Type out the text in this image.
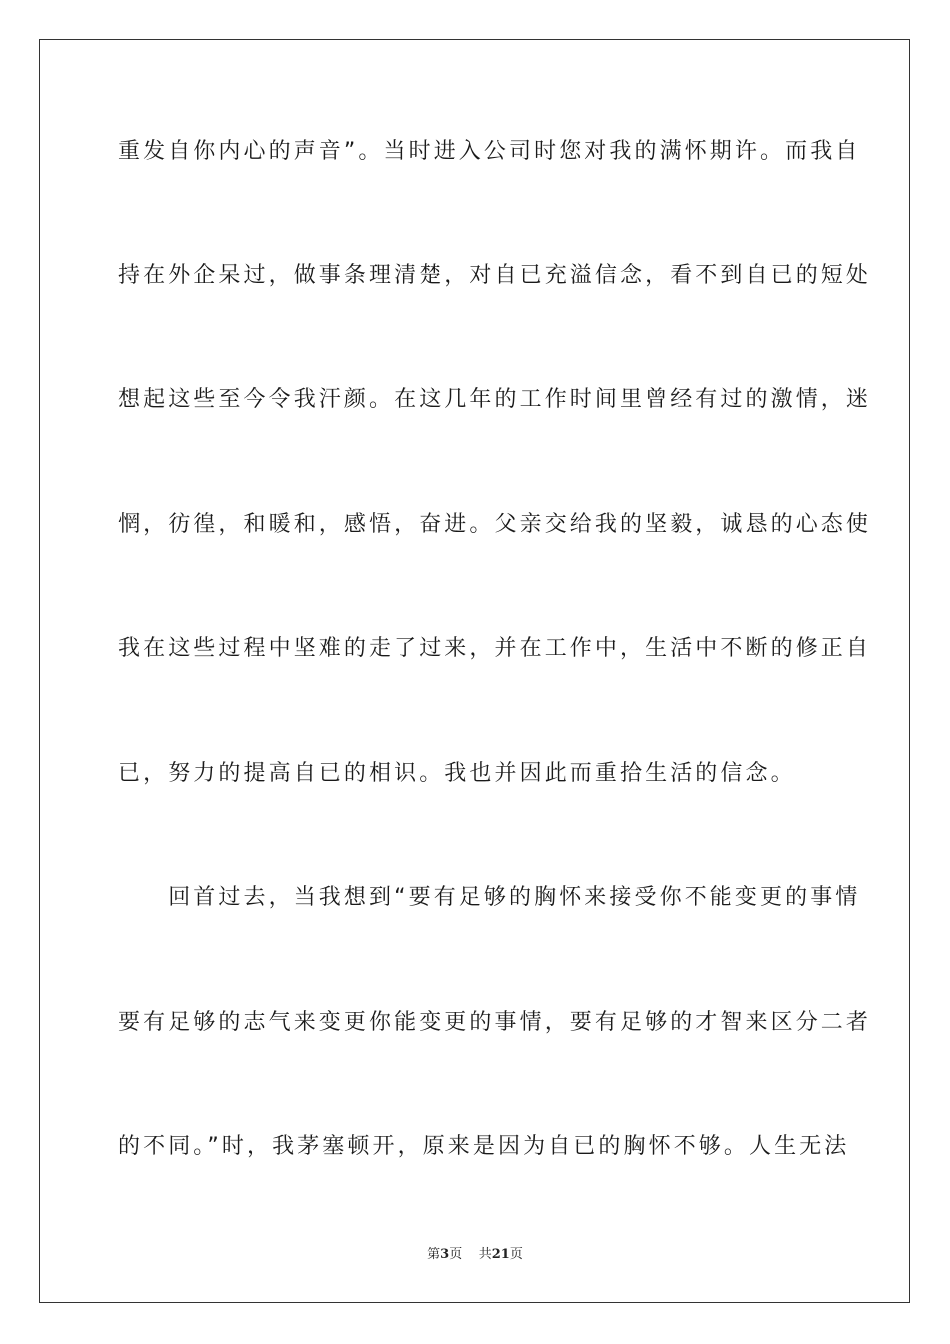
重发自你内心的声音”。当时进入公司时您对我的满怀期许。而我自
持在外企呆过，做事条理清楚，对自已充溢信念，看不到自已的短处
想起这些至今令我汗颜。在这几年的工作时间里曾经有过的激情，迷
惘，彷徨，和暖和，感悟，奋进。父亲交给我的坚毅，诚恳的心态使
我在这些过程中坚难的走了过来，并在工作中，生活中不断的修正自
已，努力的提高自已的相识。我也并因此而重拾生活的信念。
　　回首过去，当我想到“要有足够的胸怀来接受你不能变更的事情
要有足够的志气来变更你能变更的事情，要有足够的才智来区分二者
的不同。”时，我茅塞顿开，原来是因为自已的胸怀不够。人生无法
第3页 共21页
